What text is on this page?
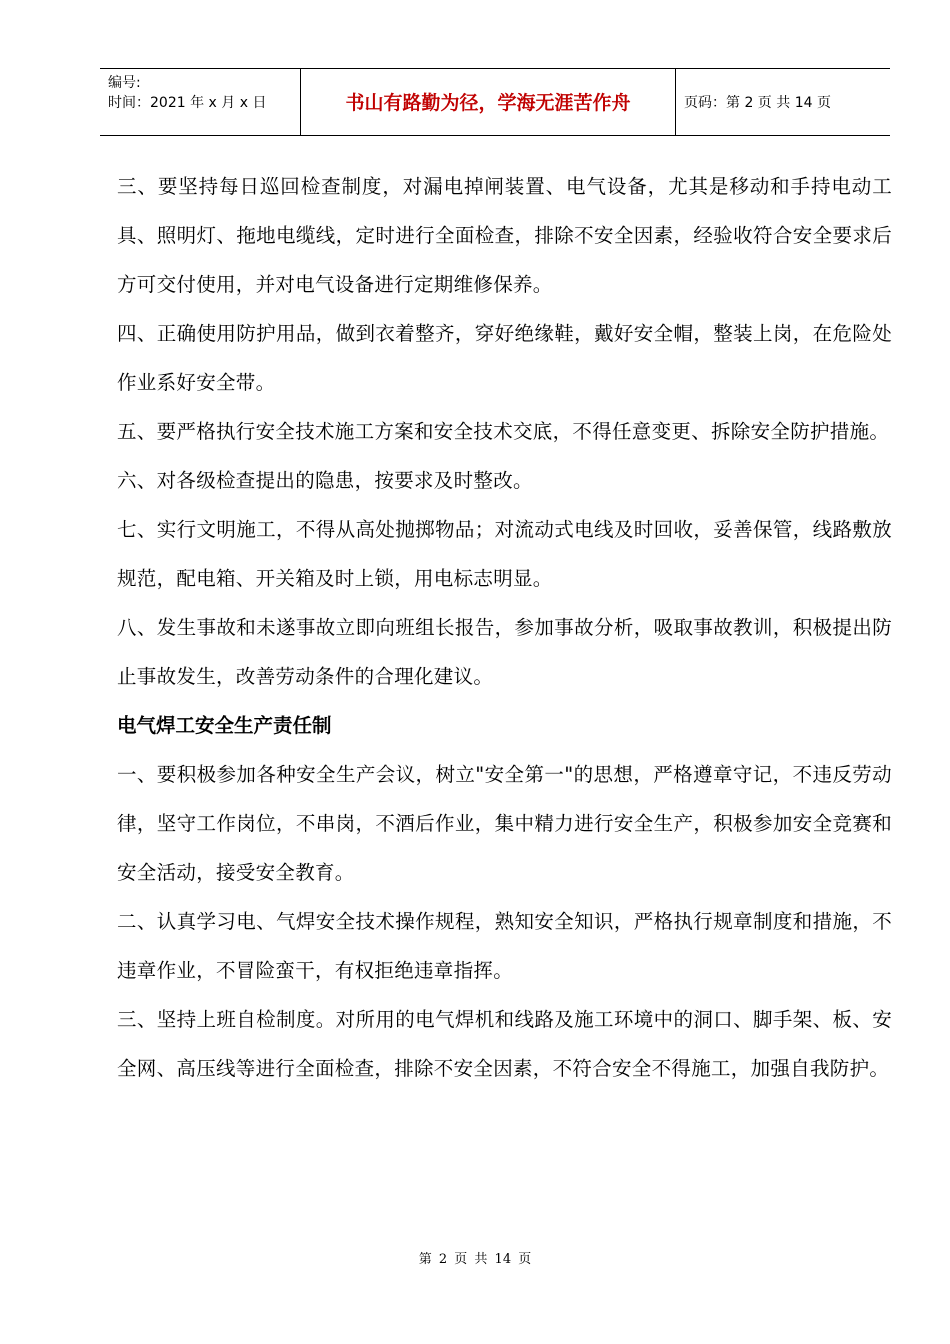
编号:
时间：2021 年 x 月 x 日	书山有路勤为径，学海无涯苦作舟	页码：第 2 页 共 14 页

三、要坚持每日巡回检查制度，对漏电掉闸装置、电气设备，尤其是移动和手持电动工具、照明灯、拖地电缆线，定时进行全面检查，排除不安全因素，经验收符合安全要求后方可交付使用，并对电气设备进行定期维修保养。

四、正确使用防护用品，做到衣着整齐，穿好绝缘鞋，戴好安全帽，整装上岗，在危险处作业系好安全带。

五、要严格执行安全技术施工方案和安全技术交底，不得任意变更、拆除安全防护措施。

六、对各级检查提出的隐患，按要求及时整改。

七、实行文明施工，不得从高处抛掷物品；对流动式电线及时回收，妥善保管，线路敷放规范，配电箱、开关箱及时上锁，用电标志明显。

八、发生事故和未遂事故立即向班组长报告，参加事故分析，吸取事故教训，积极提出防止事故发生，改善劳动条件的合理化建议。

电气焊工安全生产责任制

一、要积极参加各种安全生产会议，树立"安全第一"的思想，严格遵章守记，不违反劳动律，坚守工作岗位，不串岗，不酒后作业，集中精力进行安全生产，积极参加安全竞赛和安全活动，接受安全教育。

二、认真学习电、气焊安全技术操作规程，熟知安全知识，严格执行规章制度和措施，不违章作业，不冒险蛮干，有权拒绝违章指挥。

三、坚持上班自检制度。对所用的电气焊机和线路及施工环境中的洞口、脚手架、板、安全网、高压线等进行全面检查，排除不安全因素，不符合安全不得施工，加强自我防护。

第 2 页 共 14 页
